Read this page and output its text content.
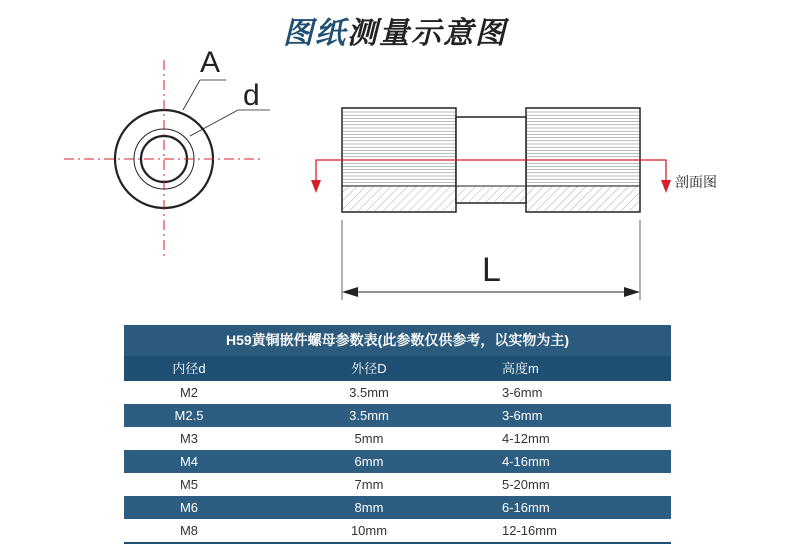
图纸测量示意图
A
d
L
剖面图
H59黄铜嵌件螺母参数表(此参数仅供参考，以实物为主)
内径d	外径D	高度m
M2	3.5mm	3-6mm
M2.5	3.5mm	3-6mm
M3	5mm	4-12mm
M4	6mm	4-16mm
M5	7mm	5-20mm
M6	8mm	6-16mm
M8	10mm	12-16mm
